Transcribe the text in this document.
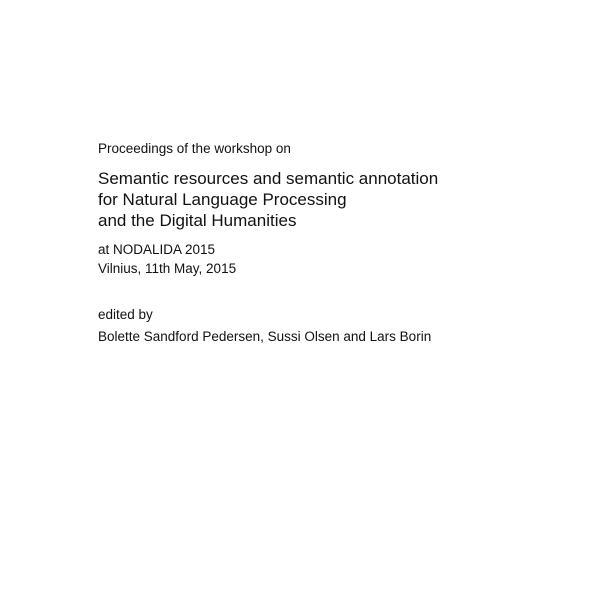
Proceedings of the workshop on
Semantic resources and semantic annotation
for Natural Language Processing
and the Digital Humanities
at NODALIDA 2015
Vilnius, 11th May, 2015
edited by
Bolette Sandford Pedersen, Sussi Olsen and Lars Borin
